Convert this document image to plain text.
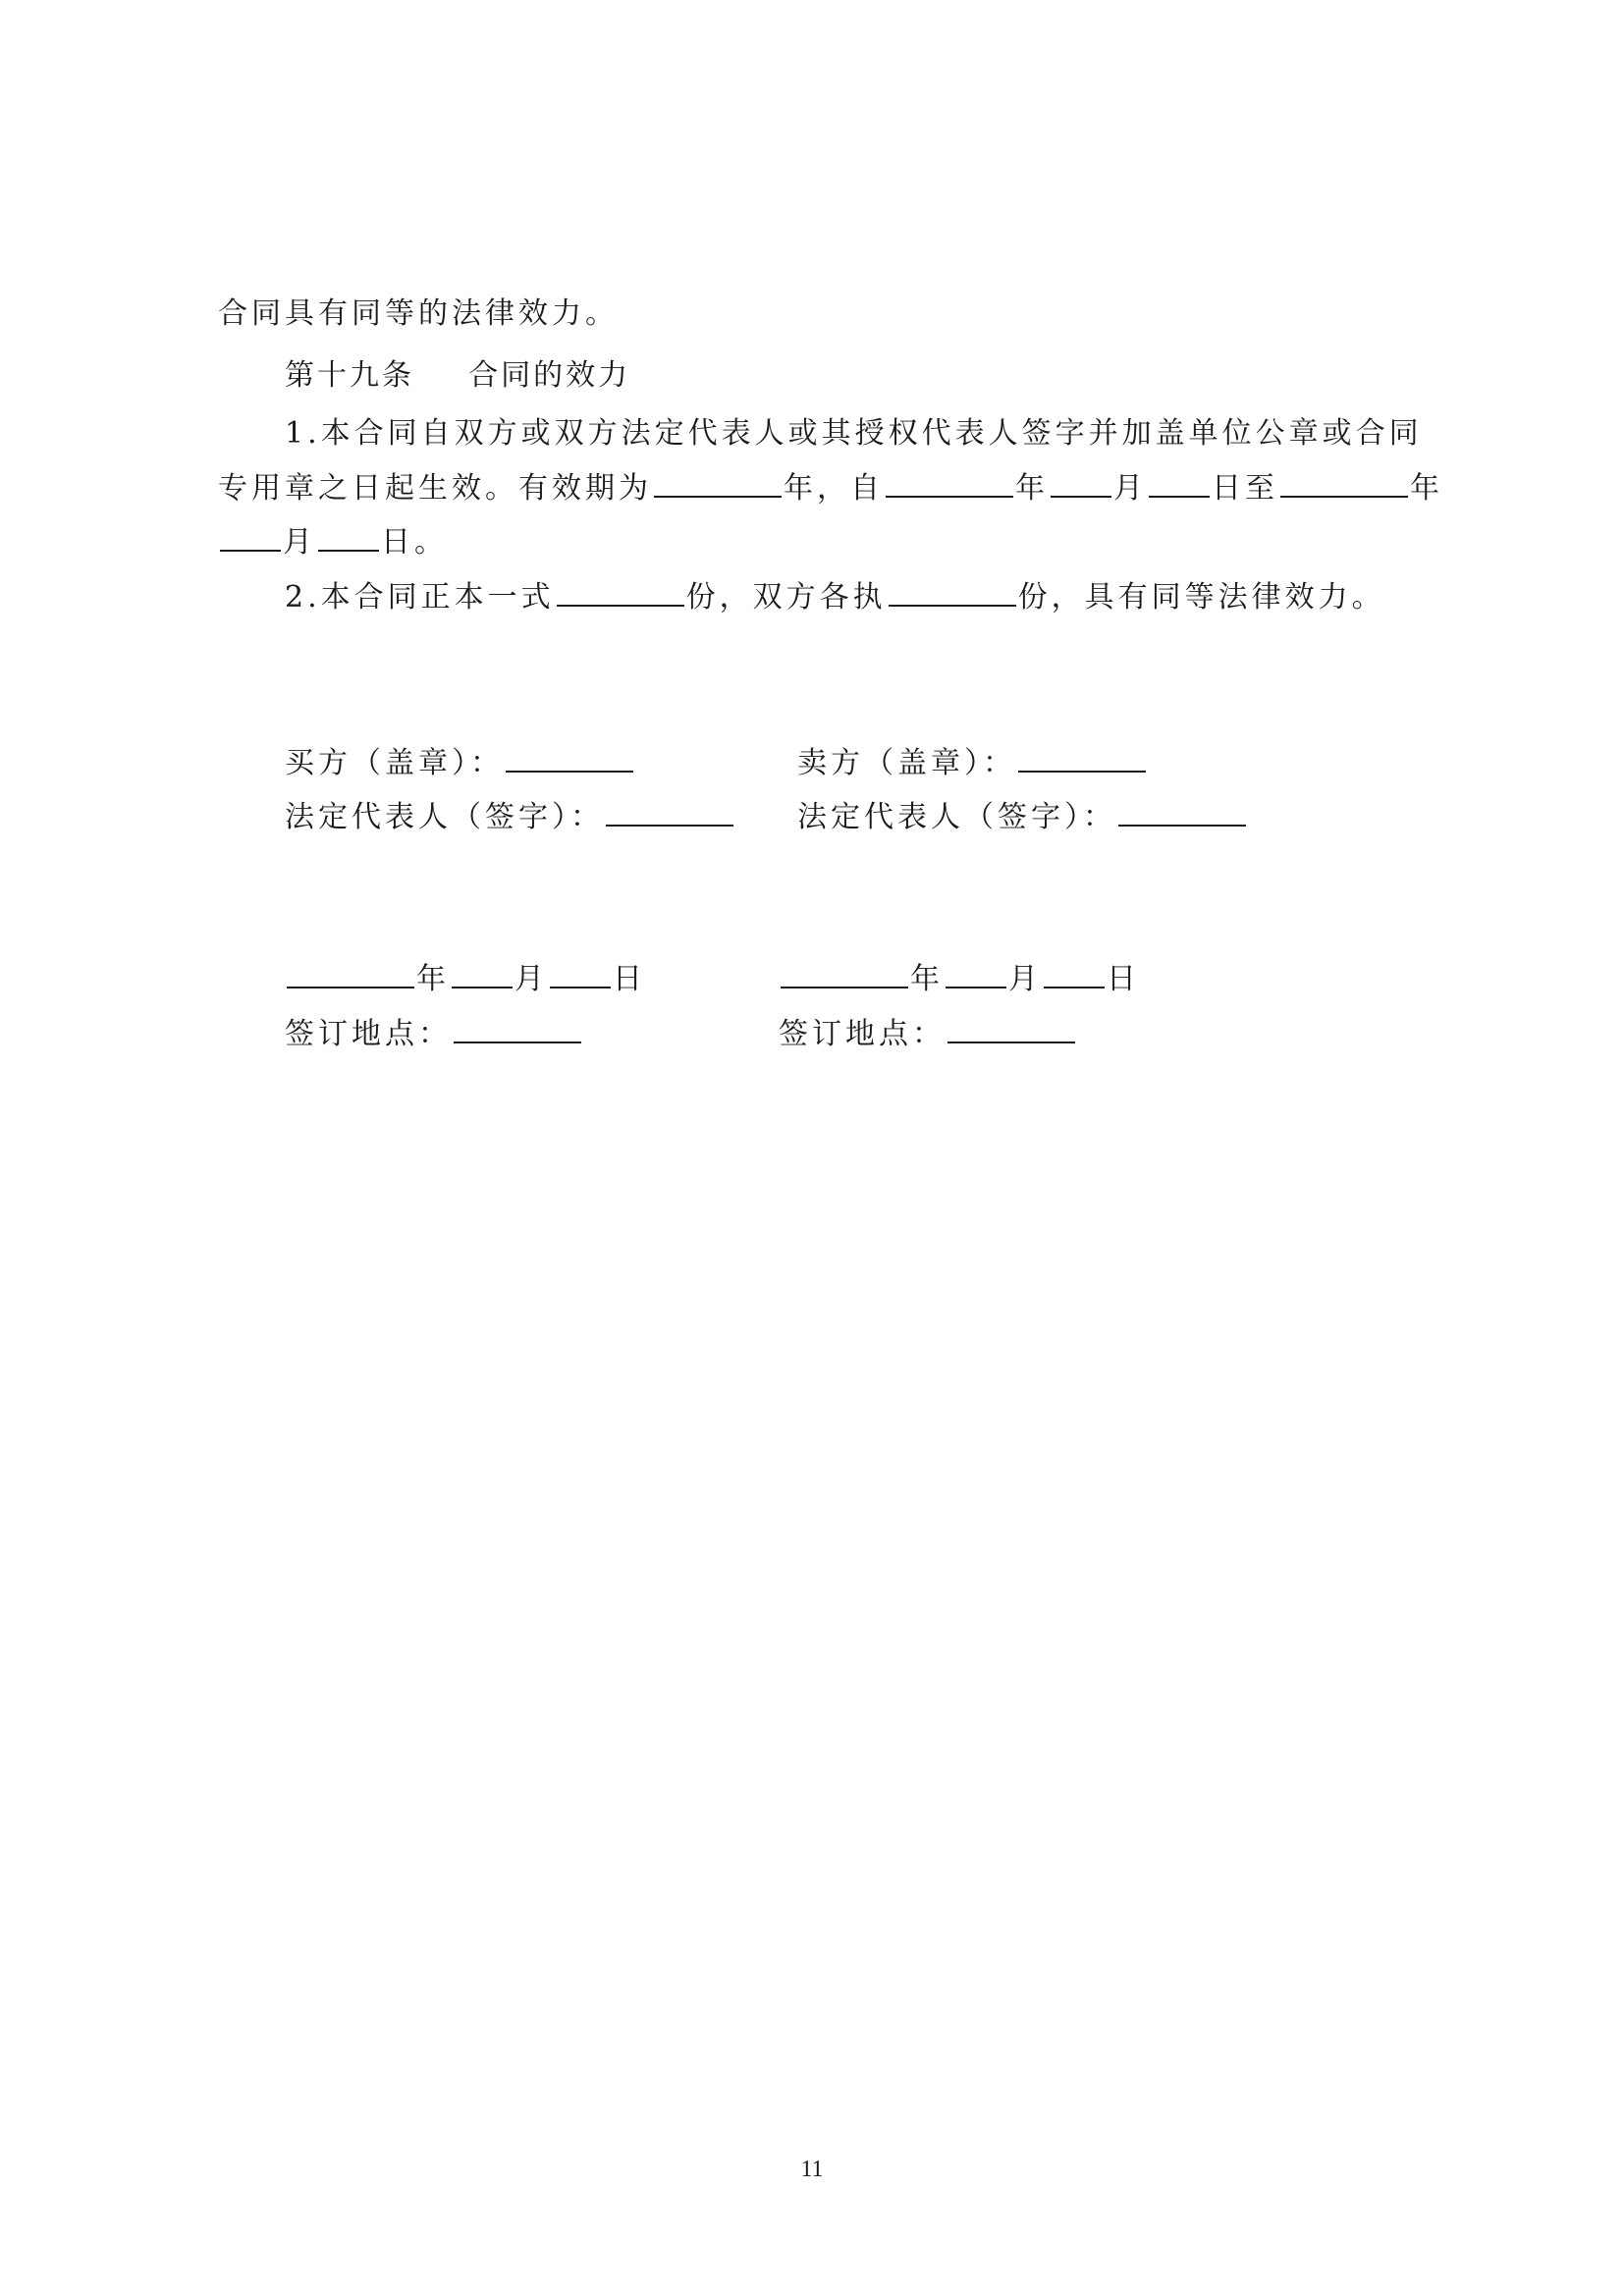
合同具有同等的法律效力。
第十九条 合同的效力
1.本合同自双方或双方法定代表人或其授权代表人签字并加盖单位公章或合同
专用章之日起生效。有效期为	年，自	年 月 日至	年
月 日。
2.本合同正本一式	份，双方各执	份，具有同等法律效力。
买方（盖章）：	卖方（盖章）：
法定代表人（签字）：	法定代表人（签字）：
年 月 日	年 月 日
签订地点：	签订地点：
11
